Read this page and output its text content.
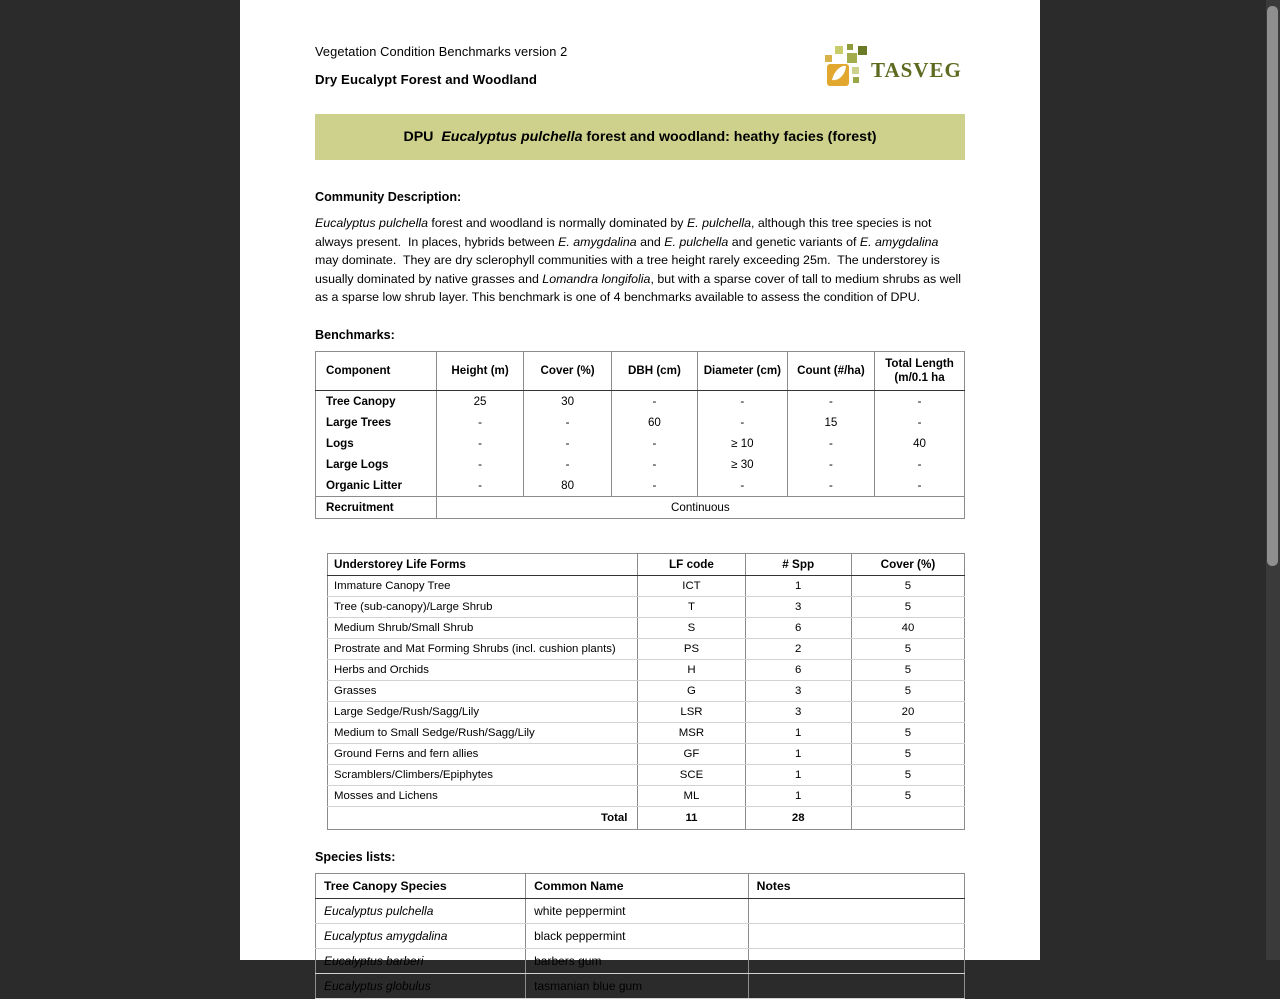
TASVEG

Vegetation Condition Benchmarks version 2

Dry Eucalypt Forest and Woodland

DPU Eucalyptus pulchella forest and woodland: heathy facies (forest)
Community Description:

Eucalyptus pulchella forest and woodland is normally dominated by E. pulchella, although this tree species is not always present.  In places, hybrids between E. amygdalina and E. pulchella and genetic variants of E. amygdalina may dominate.  They are dry sclerophyll communities with a tree height rarely exceeding 25m.  The understorey is usually dominated by native grasses and Lomandra longifolia, but with a sparse cover of tall to medium shrubs as well as a sparse low shrub layer. This benchmark is one of 4 benchmarks available to assess the condition of DPU.

Benchmarks:
Component	Height (m)	Cover (%)	DBH (cm)	Diameter (cm)	Count (#/ha)	Total Length (m/0.1 ha
Tree Canopy	25	30	-	-	-	-
Large Trees	-	-	60	-	15	-
Logs	-	-	-	≥ 10	-	40
Large Logs	-	-	-	≥ 30	-	-
Organic Litter	-	80	-	-	-	-
Recruitment	Continuous					
Understorey Life Forms	LF code	# Spp	Cover (%)
Immature Canopy Tree	ICT	1	5
Tree (sub-canopy)/Large Shrub	T	3	5
Medium Shrub/Small Shrub	S	6	40
Prostrate and Mat Forming Shrubs (incl. cushion plants)	PS	2	5
Herbs and Orchids	H	6	5
Grasses	G	3	5
Large Sedge/Rush/Sagg/Lily	LSR	3	20
Medium to Small Sedge/Rush/Sagg/Lily	MSR	1	5
Ground Ferns and fern allies	GF	1	5
Scramblers/Climbers/Epiphytes	SCE	1	5
Mosses and Lichens	ML	1	5
Total	11	28	
Species lists:
Tree Canopy Species	Common Name	Notes
Eucalyptus pulchella	white peppermint	
Eucalyptus amygdalina	black peppermint	
Eucalyptus barberi	barbers gum	
Eucalyptus globulus	tasmanian blue gum	
